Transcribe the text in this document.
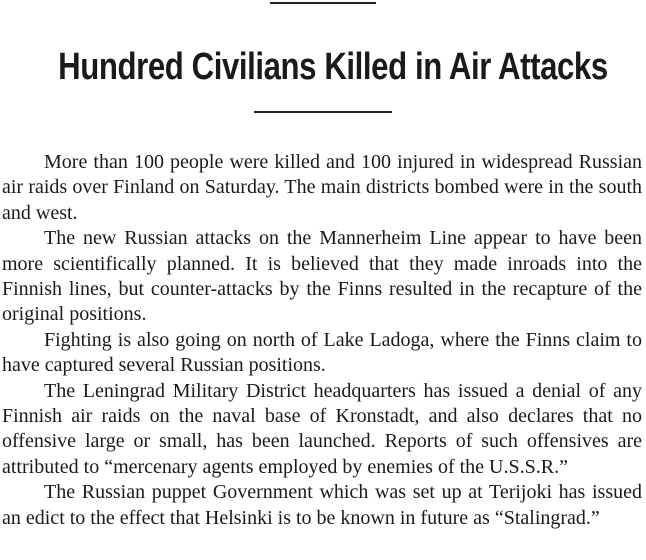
Hundred Civilians Killed in Air Attacks

More than 100 people were killed and 100 injured in widespread Russian air raids over Finland on Saturday. The main districts bombed were in the south and west.

The new Russian attacks on the Mannerheim Line appear to have been more scientifically planned. It is believed that they made inroads into the Finnish lines, but counter-attacks by the Finns resulted in the recapture of the original positions.

Fighting is also going on north of Lake Ladoga, where the Finns claim to have captured several Russian positions.

The Leningrad Military District headquarters has issued a denial of any Finnish air raids on the naval base of Kronstadt, and also declares that no offensive large or small, has been launched. Reports of such offensives are attributed to “mercenary agents employed by enemies of the U.S.S.R.”

The Russian puppet Government which was set up at Terijoki has issued an edict to the effect that Helsinki is to be known in future as “Stalingrad.”
